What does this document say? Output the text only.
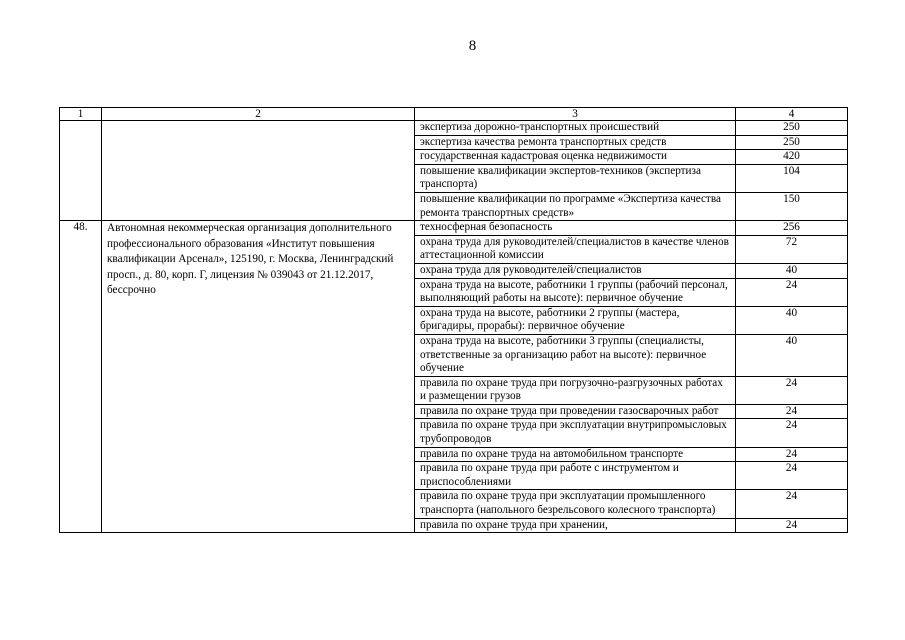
8
1	2	3	4
		экспертиза дорожно-транспортных происшествий	250
		экспертиза качества ремонта транспортных средств	250
		государственная кадастровая оценка недвижимости	420
		повышение квалификации экспертов-техников (экспертиза транспорта)	104
		повышение квалификации по программе «Экспертиза качества ремонта транспортных средств»	150
48.	Автономная некоммерческая организация дополнительного профессионального образования «Институт повышения квалификации Арсенал», 125190, г. Москва, Ленинградский просп., д. 80, корп. Г, лицензия № 039043 от 21.12.2017, бессрочно	техносферная безопасность	256
		охрана труда для руководителей/специалистов в качестве членов аттестационной комиссии	72
		охрана труда для руководителей/специалистов	40
		охрана труда на высоте, работники 1 группы (рабочий персонал, выполняющий работы на высоте): первичное обучение	24
		охрана труда на высоте, работники 2 группы (мастера, бригадиры, прорабы): первичное обучение	40
		охрана труда на высоте, работники 3 группы (специалисты, ответственные за организацию работ на высоте): первичное обучение	40
		правила по охране труда при погрузочно-разгрузочных работах и размещении грузов	24
		правила по охране труда при проведении газосварочных работ	24
		правила по охране труда при эксплуатации внутрипромысловых трубопроводов	24
		правила по охране труда на автомобильном транспорте	24
		правила по охране труда при работе с инструментом и приспособлениями	24
		правила по охране труда при эксплуатации промышленного транспорта (напольного безрельсового колесного транспорта)	24
		правила по охране труда при хранении,	24
